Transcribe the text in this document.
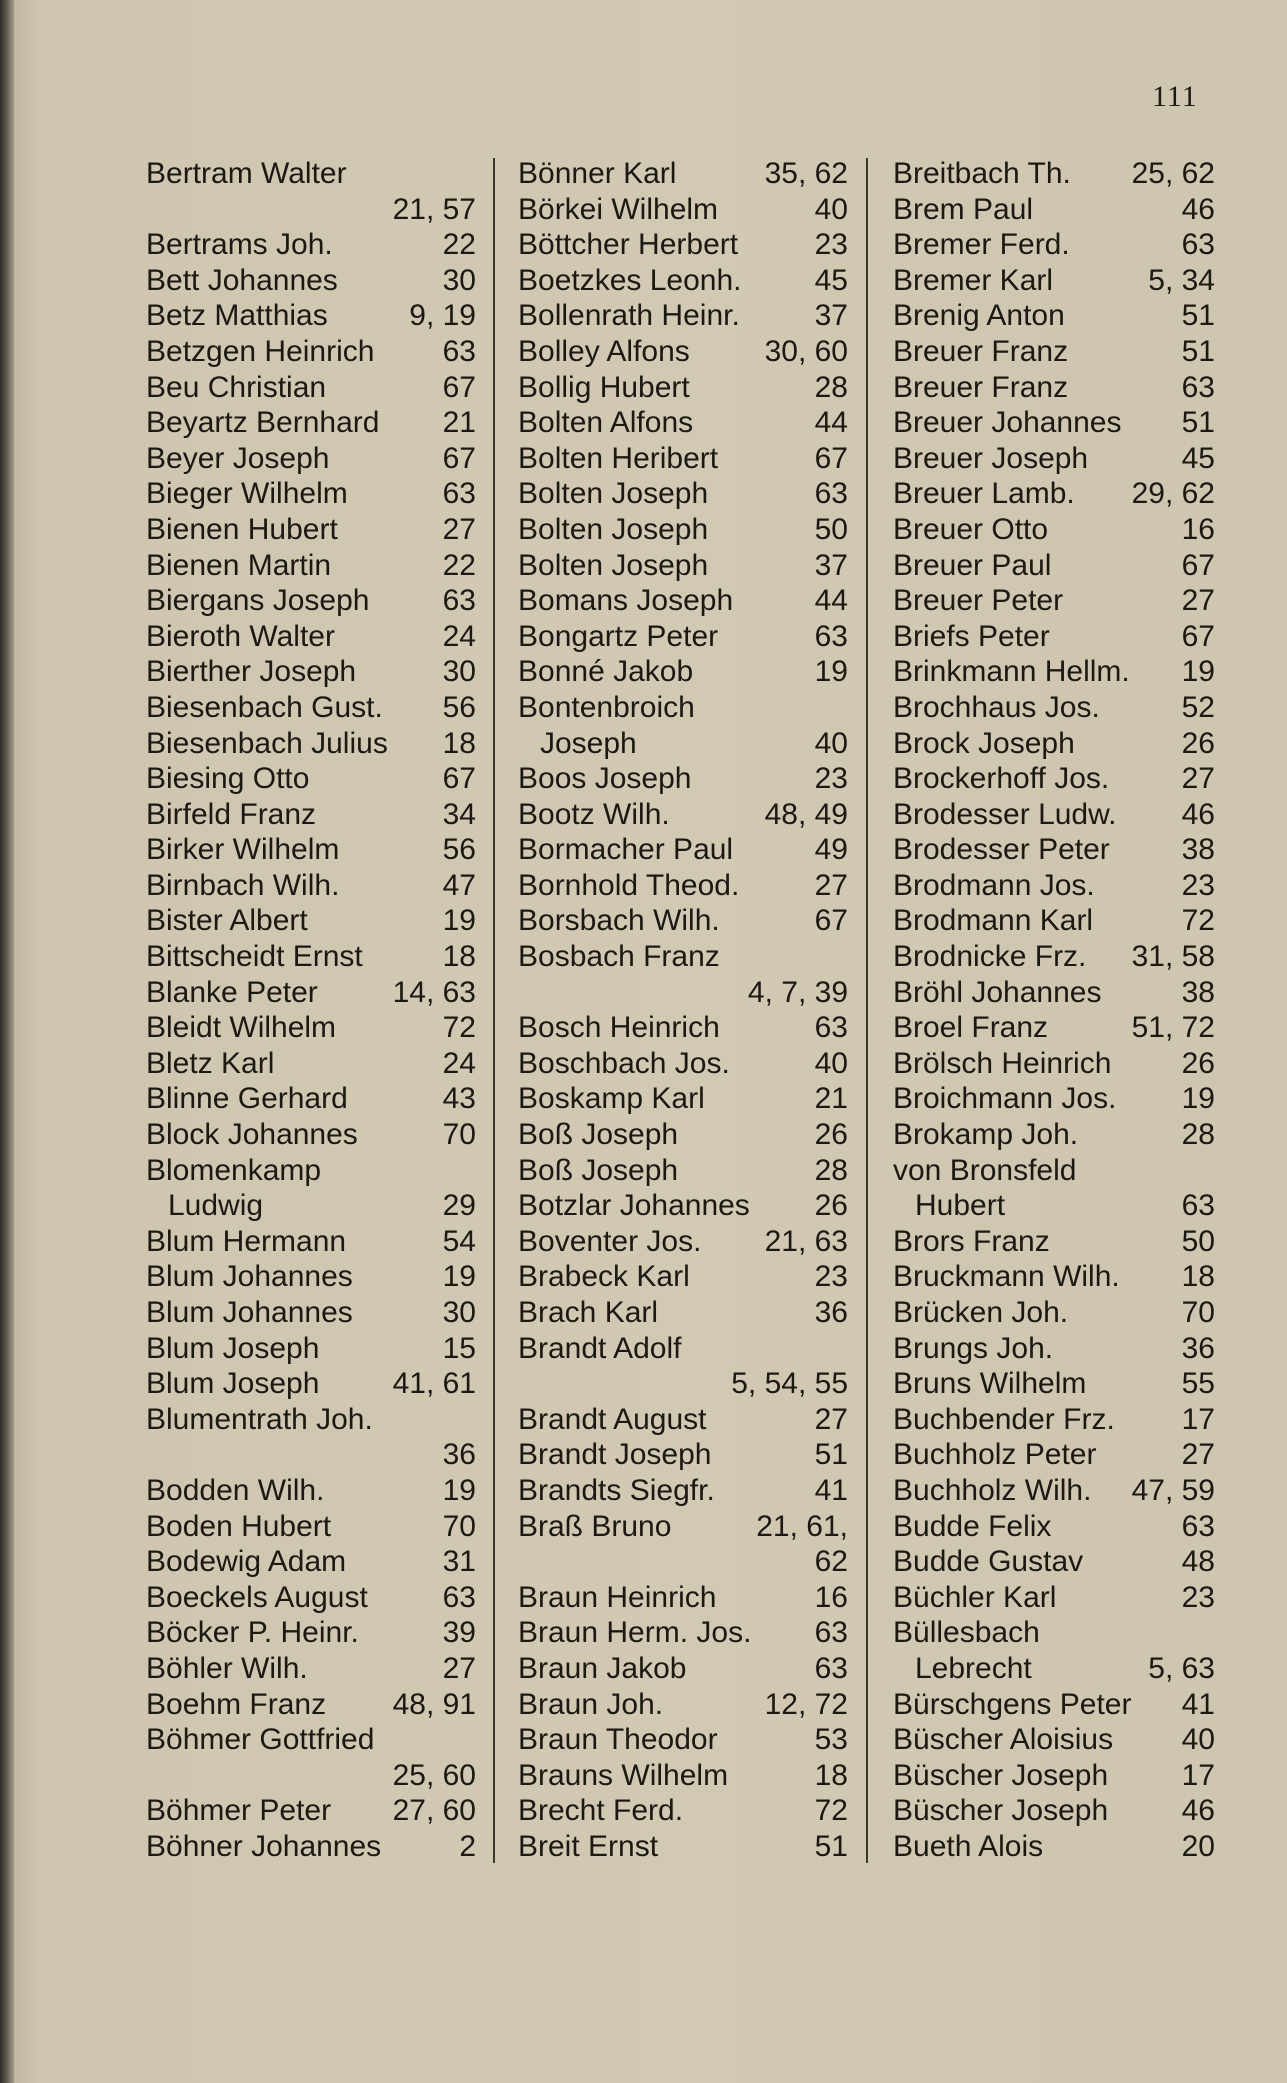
111
Bertram Walter
21, 57
Bertrams Joh.	22
Bett Johannes	30
Betz Matthias	9, 19
Betzgen Heinrich 63
Beu Christian	67
Beyartz Bernhard 21
Beyer Joseph	67
Bieger Wilhelm	63
Bienen Hubert	27
Bienen Martin	22
Biergans Joseph 63
Bieroth Walter	24
Bierther Joseph	30
Biesenbach Gust. 56
Biesenbach Julius 18
Biesing Otto	67
Birfeld Franz	34
Birker Wilhelm	56
Birnbach Wilh.	47
Bister Albert	19
Bittscheidt Ernst	18
Blanke Peter 14, 63
Bleidt Wilhelm	72
Bletz Karl	24
Blinne Gerhard	43
Block Johannes	70
Blomenkamp
Ludwig	29
Blum Hermann	54
Blum Johannes	19
Blum Johannes	30
Blum Joseph	15
Blum Joseph 41, 61
Blumentrath Joh.
36
Bodden Wilh.	19
Boden Hubert	70
Bodewig Adam	31
Boeckels August 63
Böcker P. Heinr.	39
Böhler Wilh.	27
Boehm Franz 48, 91
Böhmer Gottfried
25, 60
Böhmer Peter 27, 60
Böhner Johannes	2
Bönner Karl	35, 62
Börkei Wilhelm	40
Böttcher Herbert	23
Boetzkes Leonh. 45
Bollenrath Heinr. 37
Bolley Alfons 30, 60
Bollig Hubert	28
Bolten Alfons	44
Bolten Heribert	67
Bolten Joseph	63
Bolten Joseph	50
Bolten Joseph	37
Bomans Joseph	44
Bongartz Peter	63
Bonné Jakob	19
Bontenbroich
Joseph	40
Boos Joseph	23
Bootz Wilh.	48, 49
Bormacher Paul	49
Bornhold Theod.	27
Borsbach Wilh.	67
Bosbach Franz
4, 7, 39
Bosch Heinrich	63
Boschbach Jos.	40
Boskamp Karl	21
Boß Joseph	26
Boß Joseph	28
Botzlar Johannes 26
Boventer Jos. 21, 63
Brabeck Karl	23
Brach Karl	36
Brandt Adolf
5, 54, 55
Brandt August	27
Brandt Joseph	51
Brandts Siegfr.	41
Braß Bruno	21, 61,
62
Braun Heinrich	16
Braun Herm. Jos. 63
Braun Jakob	63
Braun Joh.	12, 72
Braun Theodor	53
Brauns Wilhelm	18
Brecht Ferd.	72
Breit Ernst	51
Breitbach Th. 25, 62
Brem Paul	46
Bremer Ferd.	63
Bremer Karl	5, 34
Brenig Anton	51
Breuer Franz	51
Breuer Franz	63
Breuer Johannes 51
Breuer Joseph	45
Breuer Lamb. 29, 62
Breuer Otto	16
Breuer Paul	67
Breuer Peter	27
Briefs Peter	67
Brinkmann Hellm. 19
Brochhaus Jos.	52
Brock Joseph	26
Brockerhoff Jos. 27
Brodesser Ludw. 46
Brodesser Peter 38
Brodmann Jos.	23
Brodmann Karl	72
Brodnicke Frz. 31, 58
Bröhl Johannes	38
Broel Franz	51, 72
Brölsch Heinrich 26
Broichmann Jos. 19
Brokamp Joh.	28
von Bronsfeld
Hubert	63
Brors Franz	50
Bruckmann Wilh. 18
Brücken Joh.	70
Brungs Joh.	36
Bruns Wilhelm	55
Buchbender Frz. 17
Buchholz Peter	27
Buchholz Wilh. 47, 59
Budde Felix	63
Budde Gustav	48
Büchler Karl	23
Büllesbach
Lebrecht	5, 63
Bürschgens Peter 41
Büscher Aloisius 40
Büscher Joseph 17
Büscher Joseph 46
Bueth Alois	20
